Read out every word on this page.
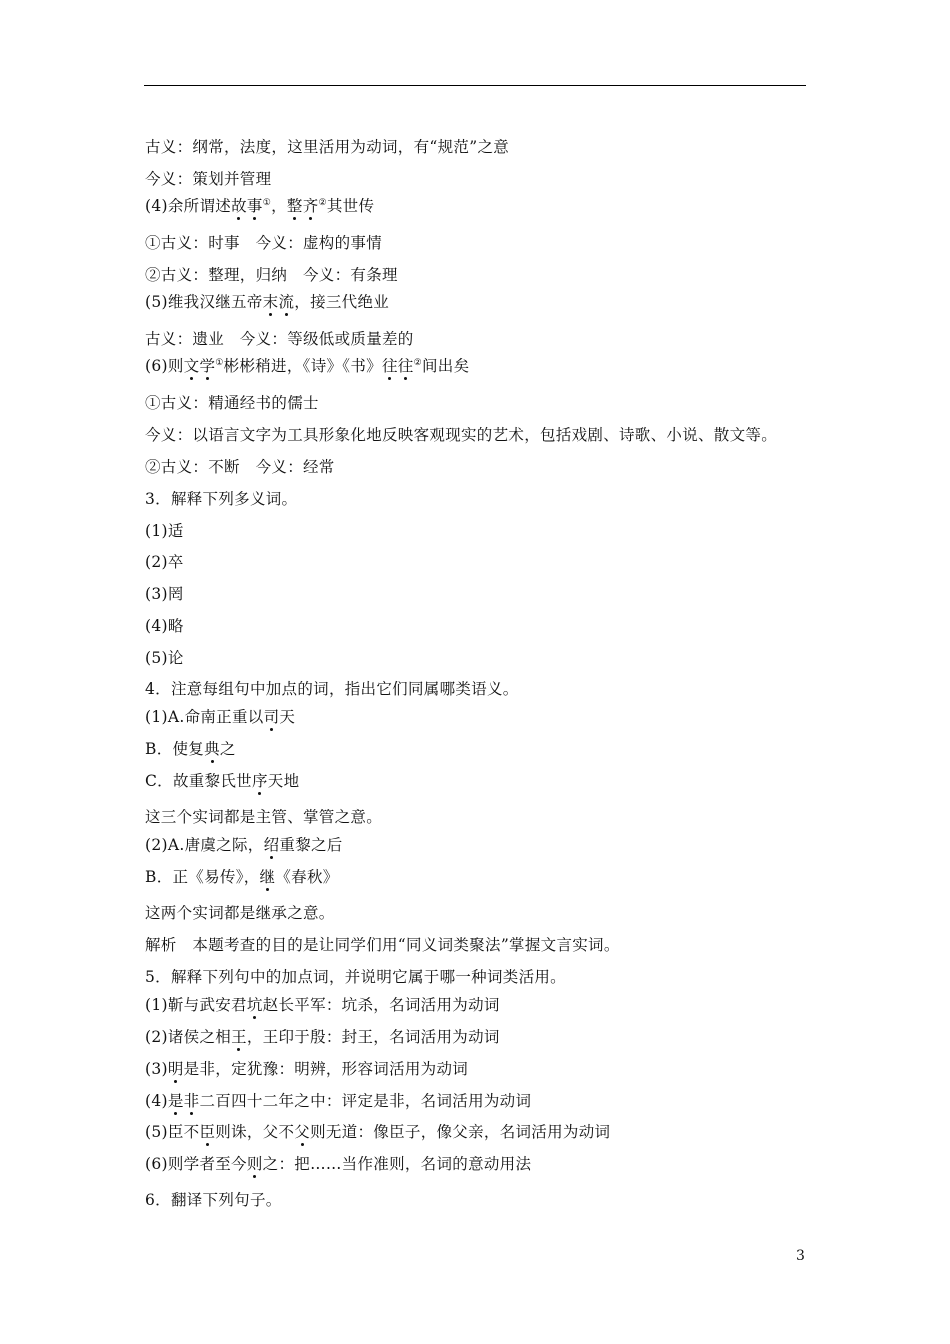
古义：纲常，法度，这里活用为动词，有“规范”之意
今义：策划并管理
(4)余所谓述故事①，整齐②其世传
①古义：时事　今义：虚构的事情
②古义：整理，归纳　今义：有条理
(5)维我汉继五帝末流，接三代绝业
古义：遗业　今义：等级低或质量差的
(6)则文学①彬彬稍进，《诗》《书》往往②间出矣
①古义：精通经书的儒士
今义：以语言文字为工具形象化地反映客观现实的艺术，包括戏剧、诗歌、小说、散文等。
②古义：不断　今义：经常
3．解释下列多义词。
(1)适
(2)卒
(3)罔
(4)略
(5)论
4．注意每组句中加点的词，指出它们同属哪类语义。
(1)A.命南正重以司天
B．使复典之
C．故重黎氏世序天地
这三个实词都是主管、掌管之意。
(2)A.唐虞之际，绍重黎之后
B．正《易传》，继《春秋》
这两个实词都是继承之意。
解析　本题考查的目的是让同学们用“同义词类聚法”掌握文言实词。
5．解释下列句中的加点词，并说明它属于哪一种词类活用。
(1)靳与武安君坑赵长平军：坑杀，名词活用为动词
(2)诸侯之相王，王印于殷：封王，名词活用为动词
(3)明是非，定犹豫：明辨，形容词活用为动词
(4)是非二百四十二年之中：评定是非，名词活用为动词
(5)臣不臣则诛，父不父则无道：像臣子，像父亲，名词活用为动词
(6)则学者至今则之：把……当作准则，名词的意动用法
6．翻译下列句子。
3
